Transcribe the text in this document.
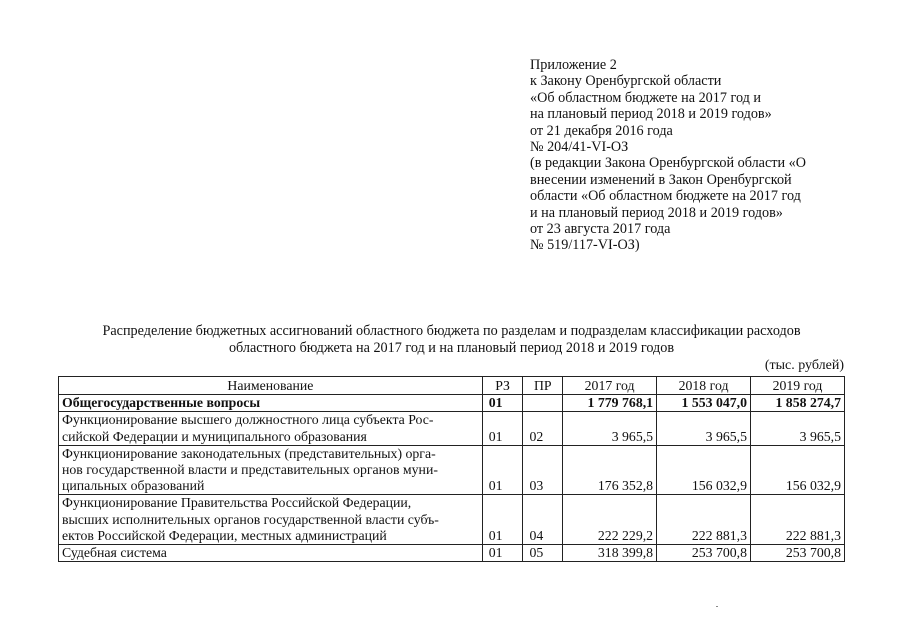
Приложение 2
к Закону Оренбургской области
«Об областном бюджете на 2017 год и
на плановый период 2018 и 2019 годов»
от 21 декабря 2016 года
№ 204/41-VI-ОЗ
(в редакции Закона Оренбургской области «О
внесении изменений в Закон Оренбургской
области «Об областном бюджете на 2017 год
и на плановый период 2018 и 2019 годов»
от 23 августа 2017 года
№ 519/117-VI-ОЗ)
Распределение бюджетных ассигнований областного бюджета по разделам и подразделам классификации расходов
областного бюджета на 2017 год и на плановый период 2018 и 2019 годов
(тыс. рублей)
Наименование	РЗ	ПР	2017 год	2018 год	2019 год

Общегосударственные вопросы	01		1 779 768,1	1 553 047,0	1 858 274,7

Функционирование высшего должностного лица субъекта Рос-
сийской Федерации и муниципального образования	01	02	3 965,5	3 965,5	3 965,5

Функционирование законодательных (представительных) орга-
нов государственной власти и представительных органов муни-
ципальных образований	01	03	176 352,8	156 032,9	156 032,9

Функционирование Правительства Российской Федерации,
высших исполнительных органов государственной власти субъ-
ектов Российской Федерации, местных администраций	01	04	222 229,2	222 881,3	222 881,3

Судебная система	01	05	318 399,8	253 700,8	253 700,8
